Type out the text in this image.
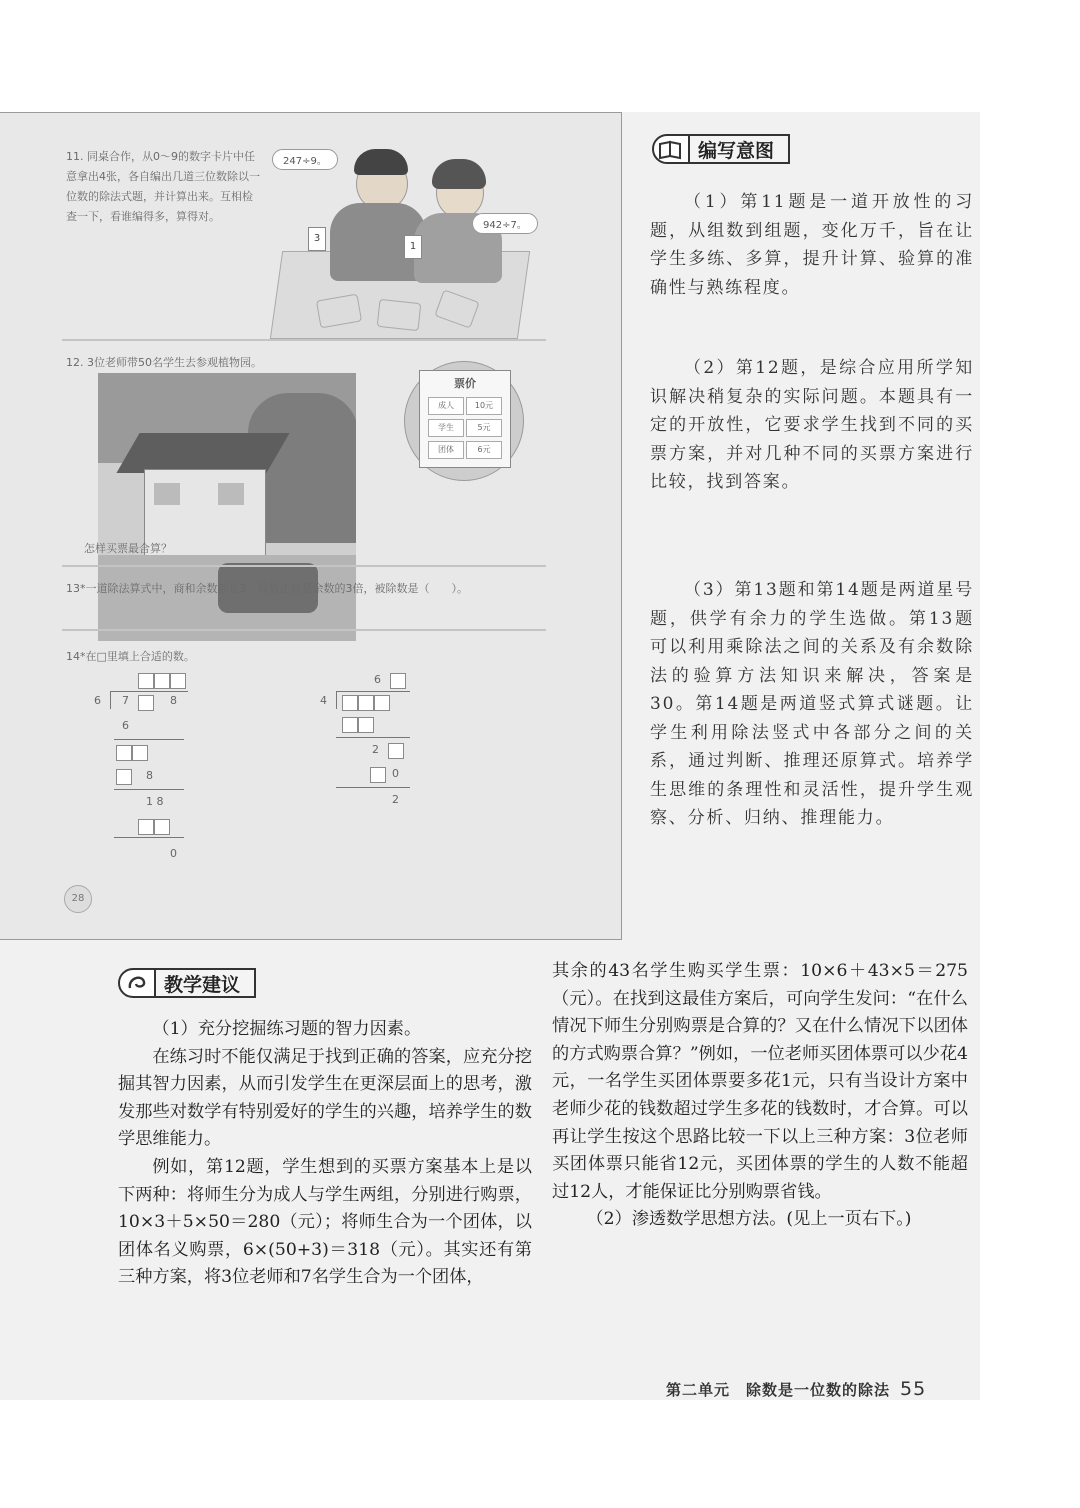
11. 同桌合作，从0～9的数字卡片中任意拿出4张，各自编出几道三位数除以一位数的除法式题，并计算出来。互相检查一下，看谁编得多，算得对。
3
1
247÷9。
942÷7。
12. 3位老师带50名学生去参观植物园。
票价
成人	10元
学生	5元
团体	6元
怎样买票最合算？
13*一道除法算式中，商和余数都是3，除数正好是余数的3倍，被除数是（　　）。
14*在□里填上合适的数。
6 7	8
6
8
1 8
0
6
4
2
0
2
28
编写意图

（1）第11题是一道开放性的习题，从组数到组题，变化万千，旨在让学生多练、多算，提升计算、验算的准确性与熟练程度。

（2）第12题，是综合应用所学知识解决稍复杂的实际问题。本题具有一定的开放性，它要求学生找到不同的买票方案，并对几种不同的买票方案进行比较，找到答案。

（3）第13题和第14题是两道星号题，供学有余力的学生选做。第13题可以利用乘除法之间的关系及有余数除法的验算方法知识来解决，答案是30。第14题是两道竖式算式谜题。让学生利用除法竖式中各部分之间的关系，通过判断、推理还原算式。培养学生思维的条理性和灵活性，提升学生观察、分析、归纳、推理能力。

教学建议

（1）充分挖掘练习题的智力因素。

在练习时不能仅满足于找到正确的答案，应充分挖掘其智力因素，从而引发学生在更深层面上的思考，激发那些对数学有特别爱好的学生的兴趣，培养学生的数学思维能力。

例如，第12题，学生想到的买票方案基本上是以下两种：将师生分为成人与学生两组，分别进行购票，10×3＋5×50＝280（元）；将师生合为一个团体，以团体名义购票，6×(50+3)＝318（元）。其实还有第三种方案，将3位老师和7名学生合为一个团体，

其余的43名学生购买学生票：10×6＋43×5＝275（元）。在找到这最佳方案后，可向学生发问：“在什么情况下师生分别购票是合算的？又在什么情况下以团体的方式购票合算？”例如，一位老师买团体票可以少花4元，一名学生买团体票要多花1元，只有当设计方案中老师少花的钱数超过学生多花的钱数时，才合算。可以再让学生按这个思路比较一下以上三种方案：3位老师买团体票只能省12元，买团体票的学生的人数不能超过12人，才能保证比分别购票省钱。

（2）渗透数学思想方法。(见上一页右下。)

第二单元　除数是一位数的除法 55
